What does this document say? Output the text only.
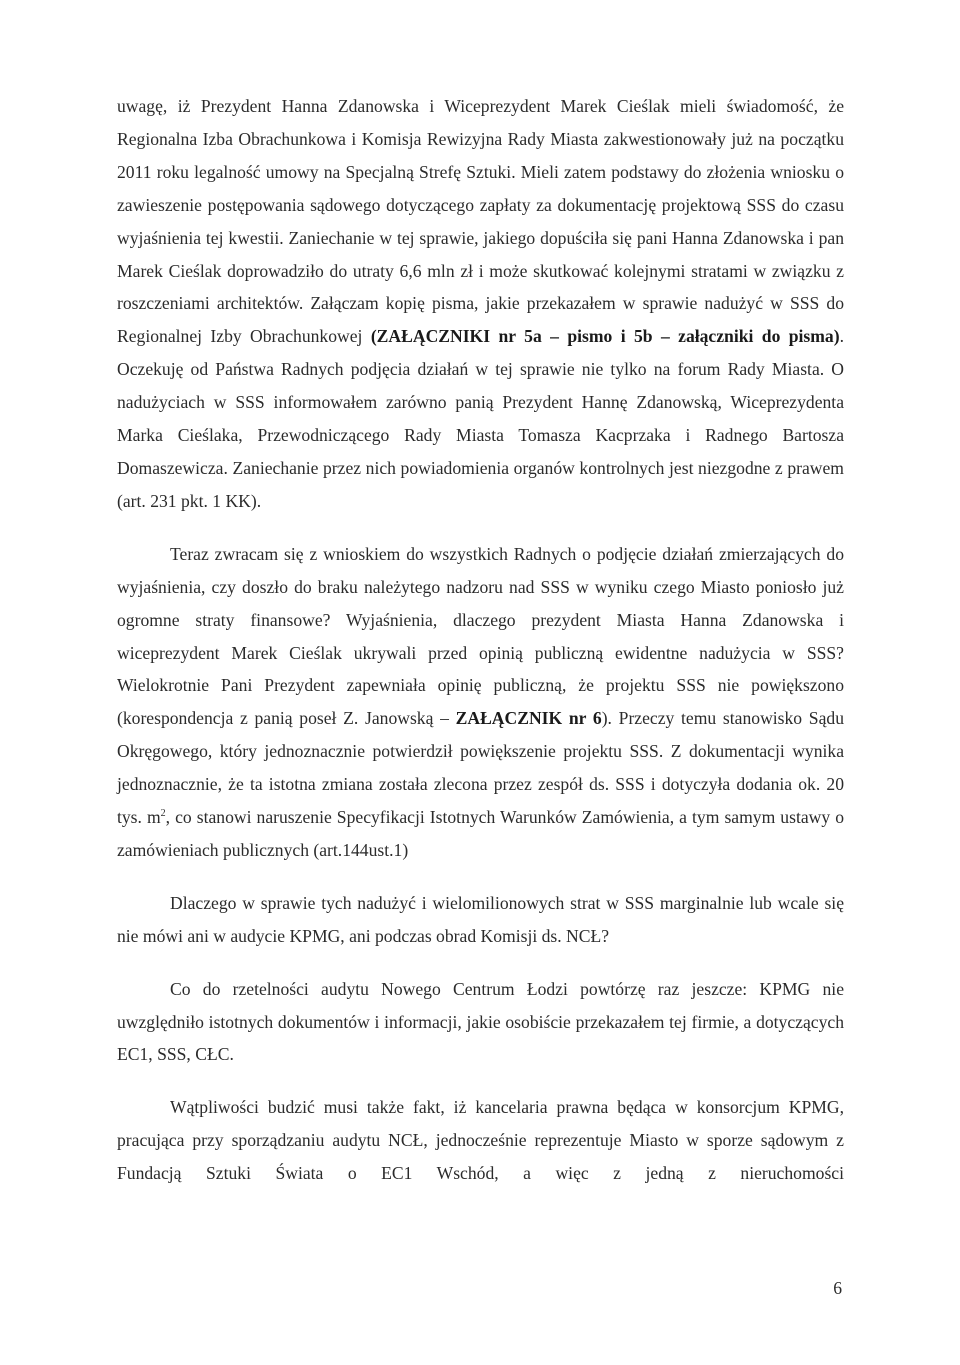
uwagę, iż Prezydent Hanna Zdanowska i Wiceprezydent Marek Cieślak mieli świadomość, że Regionalna Izba Obrachunkowa i Komisja Rewizyjna Rady Miasta zakwestionowały już na początku 2011 roku legalność umowy na Specjalną Strefę Sztuki. Mieli zatem podstawy do złożenia wniosku o zawieszenie postępowania sądowego dotyczącego zapłaty za dokumentację projektową SSS do czasu wyjaśnienia tej kwestii. Zaniechanie w tej sprawie, jakiego dopuściła się pani Hanna Zdanowska i pan Marek Cieślak doprowadziło do utraty 6,6 mln zł i może skutkować kolejnymi stratami w związku z roszczeniami architektów. Załączam kopię pisma, jakie przekazałem w sprawie nadużyć w SSS do Regionalnej Izby Obrachunkowej (ZAŁĄCZNIKI nr 5a – pismo i 5b – załączniki do pisma). Oczekuję od Państwa Radnych podjęcia działań w tej sprawie nie tylko na forum Rady Miasta. O nadużyciach w SSS informowałem zarówno panią Prezydent Hannę Zdanowską, Wiceprezydenta Marka Cieślaka, Przewodniczącego Rady Miasta Tomasza Kacprzaka i Radnego Bartosza Domaszewicza. Zaniechanie przez nich powiadomienia organów kontrolnych jest niezgodne z prawem (art. 231 pkt. 1 KK).

Teraz zwracam się z wnioskiem do wszystkich Radnych o podjęcie działań zmierzających do wyjaśnienia, czy doszło do braku należytego nadzoru nad SSS w wyniku czego Miasto poniosło już ogromne straty finansowe? Wyjaśnienia, dlaczego prezydent Miasta Hanna Zdanowska i wiceprezydent Marek Cieślak ukrywali przed opinią publiczną ewidentne nadużycia w SSS? Wielokrotnie Pani Prezydent zapewniała opinię publiczną, że projektu SSS nie powiększono (korespondencja z panią poseł Z. Janowską – ZAŁĄCZNIK nr 6). Przeczy temu stanowisko Sądu Okręgowego, który jednoznacznie potwierdził powiększenie projektu SSS. Z dokumentacji wynika jednoznacznie, że ta istotna zmiana została zlecona przez zespół ds. SSS i dotyczyła dodania ok. 20 tys. $m^2$, co stanowi naruszenie Specyfikacji Istotnych Warunków Zamówienia, a tym samym ustawy o zamówieniach publicznych (art.144ust.1)

Dlaczego w sprawie tych nadużyć i wielomilionowych strat w SSS marginalnie lub wcale się nie mówi ani w audycie KPMG, ani podczas obrad Komisji ds. NCŁ?

Co do rzetelności audytu Nowego Centrum Łodzi powtórzę raz jeszcze: KPMG nie uwzględniło istotnych dokumentów i informacji, jakie osobiście przekazałem tej firmie, a dotyczących EC1, SSS, CŁC.

Wątpliwości budzić musi także fakt, iż kancelaria prawna będąca w konsorcjum KPMG, pracująca przy sporządzaniu audytu NCŁ, jednocześnie reprezentuje Miasto w sporze sądowym z Fundacją Sztuki Świata o EC1 Wschód, a więc z jedną z nieruchomości

6
